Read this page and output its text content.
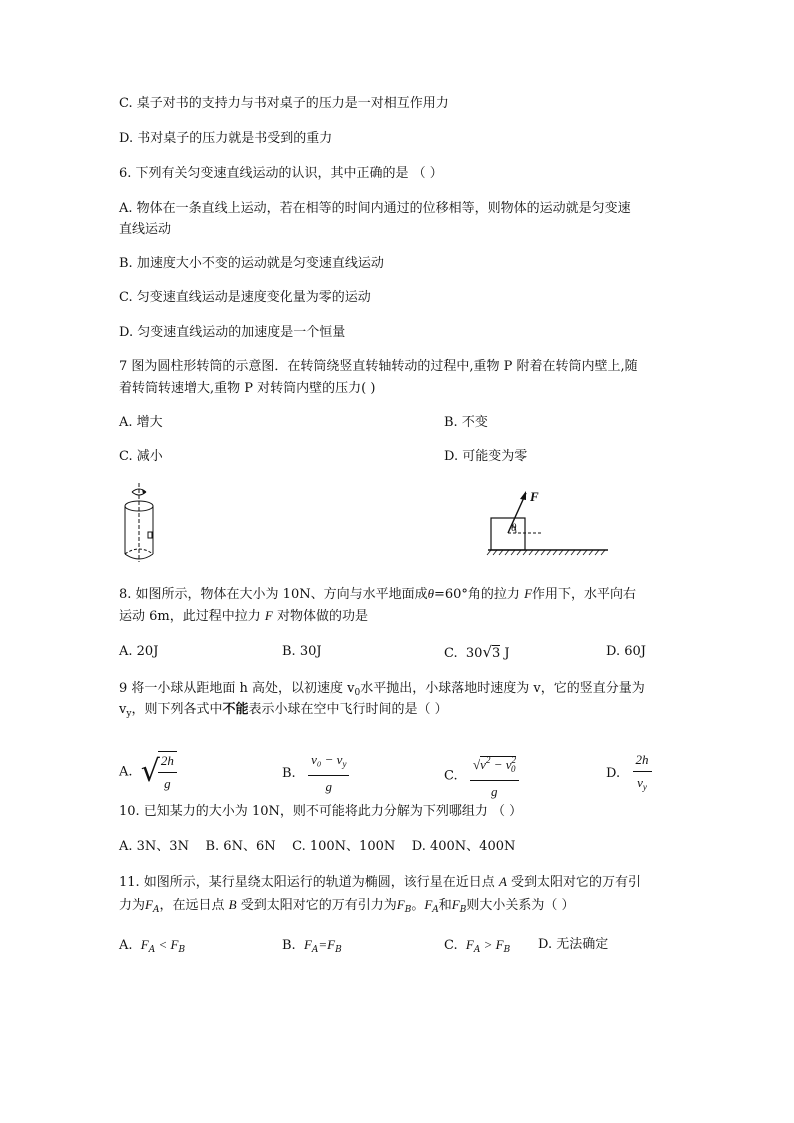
C. 桌子对书的支持力与书对桌子的压力是一对相互作用力
D. 书对桌子的压力就是书受到的重力
6. 下列有关匀变速直线运动的认识，其中正确的是 （ ）
A. 物体在一条直线上运动，若在相等的时间内通过的位移相等，则物体的运动就是匀变速
直线运动
B. 加速度大小不变的运动就是匀变速直线运动
C. 匀变速直线运动是速度变化量为零的运动
D. 匀变速直线运动的加速度是一个恒量
7 图为圆柱形转筒的示意图．在转筒绕竖直转轴转动的过程中,重物 P 附着在转筒内壁上,随
着转筒转速增大,重物 P 对转筒内壁的压力( )
A. 增大	B. 不变
C. 减小	D. 可能变为零
F
θ
8. 如图所示，物体在大小为 10N、方向与水平地面成θ=60°角的拉力 F作用下，水平向右
运动 6m，此过程中拉力 F 对物体做的功是
A. 20J	B. 30J	C. 30√3 J	D. 60J
9 将一小球从距地面 h 高处，以初速度 $v_0$水平抛出，小球落地时速度为 v，它的竖直分量为
$v_y$，则下列各式中不能表示小球在空中飞行时间的是（ ）
A. √
$\frac{2h}{g}$	B. $\frac{v_0 - v_y}{g}$	C. $\frac{√v^2 - v^2_0}{g}$	D. $\frac{2h}{v_y}$
10. 已知某力的大小为 10N，则不可能将此力分解为下列哪组力 （ ）
A. 3N、3N    B. 6N、6N    C. 100N、100N    D. 400N、400N
11. 如图所示，某行星绕太阳运行的轨道为椭圆，该行星在近日点 A 受到太阳对它的万有引
力为$F_A$，在远日点 B 受到太阳对它的万有引力为$F_B$。$F_A$和$F_B$则大小关系为（ ）
A. $F_A < F_B$	B. $F_A=F_B$	C. $F_A > F_B$ D. 无法确定
